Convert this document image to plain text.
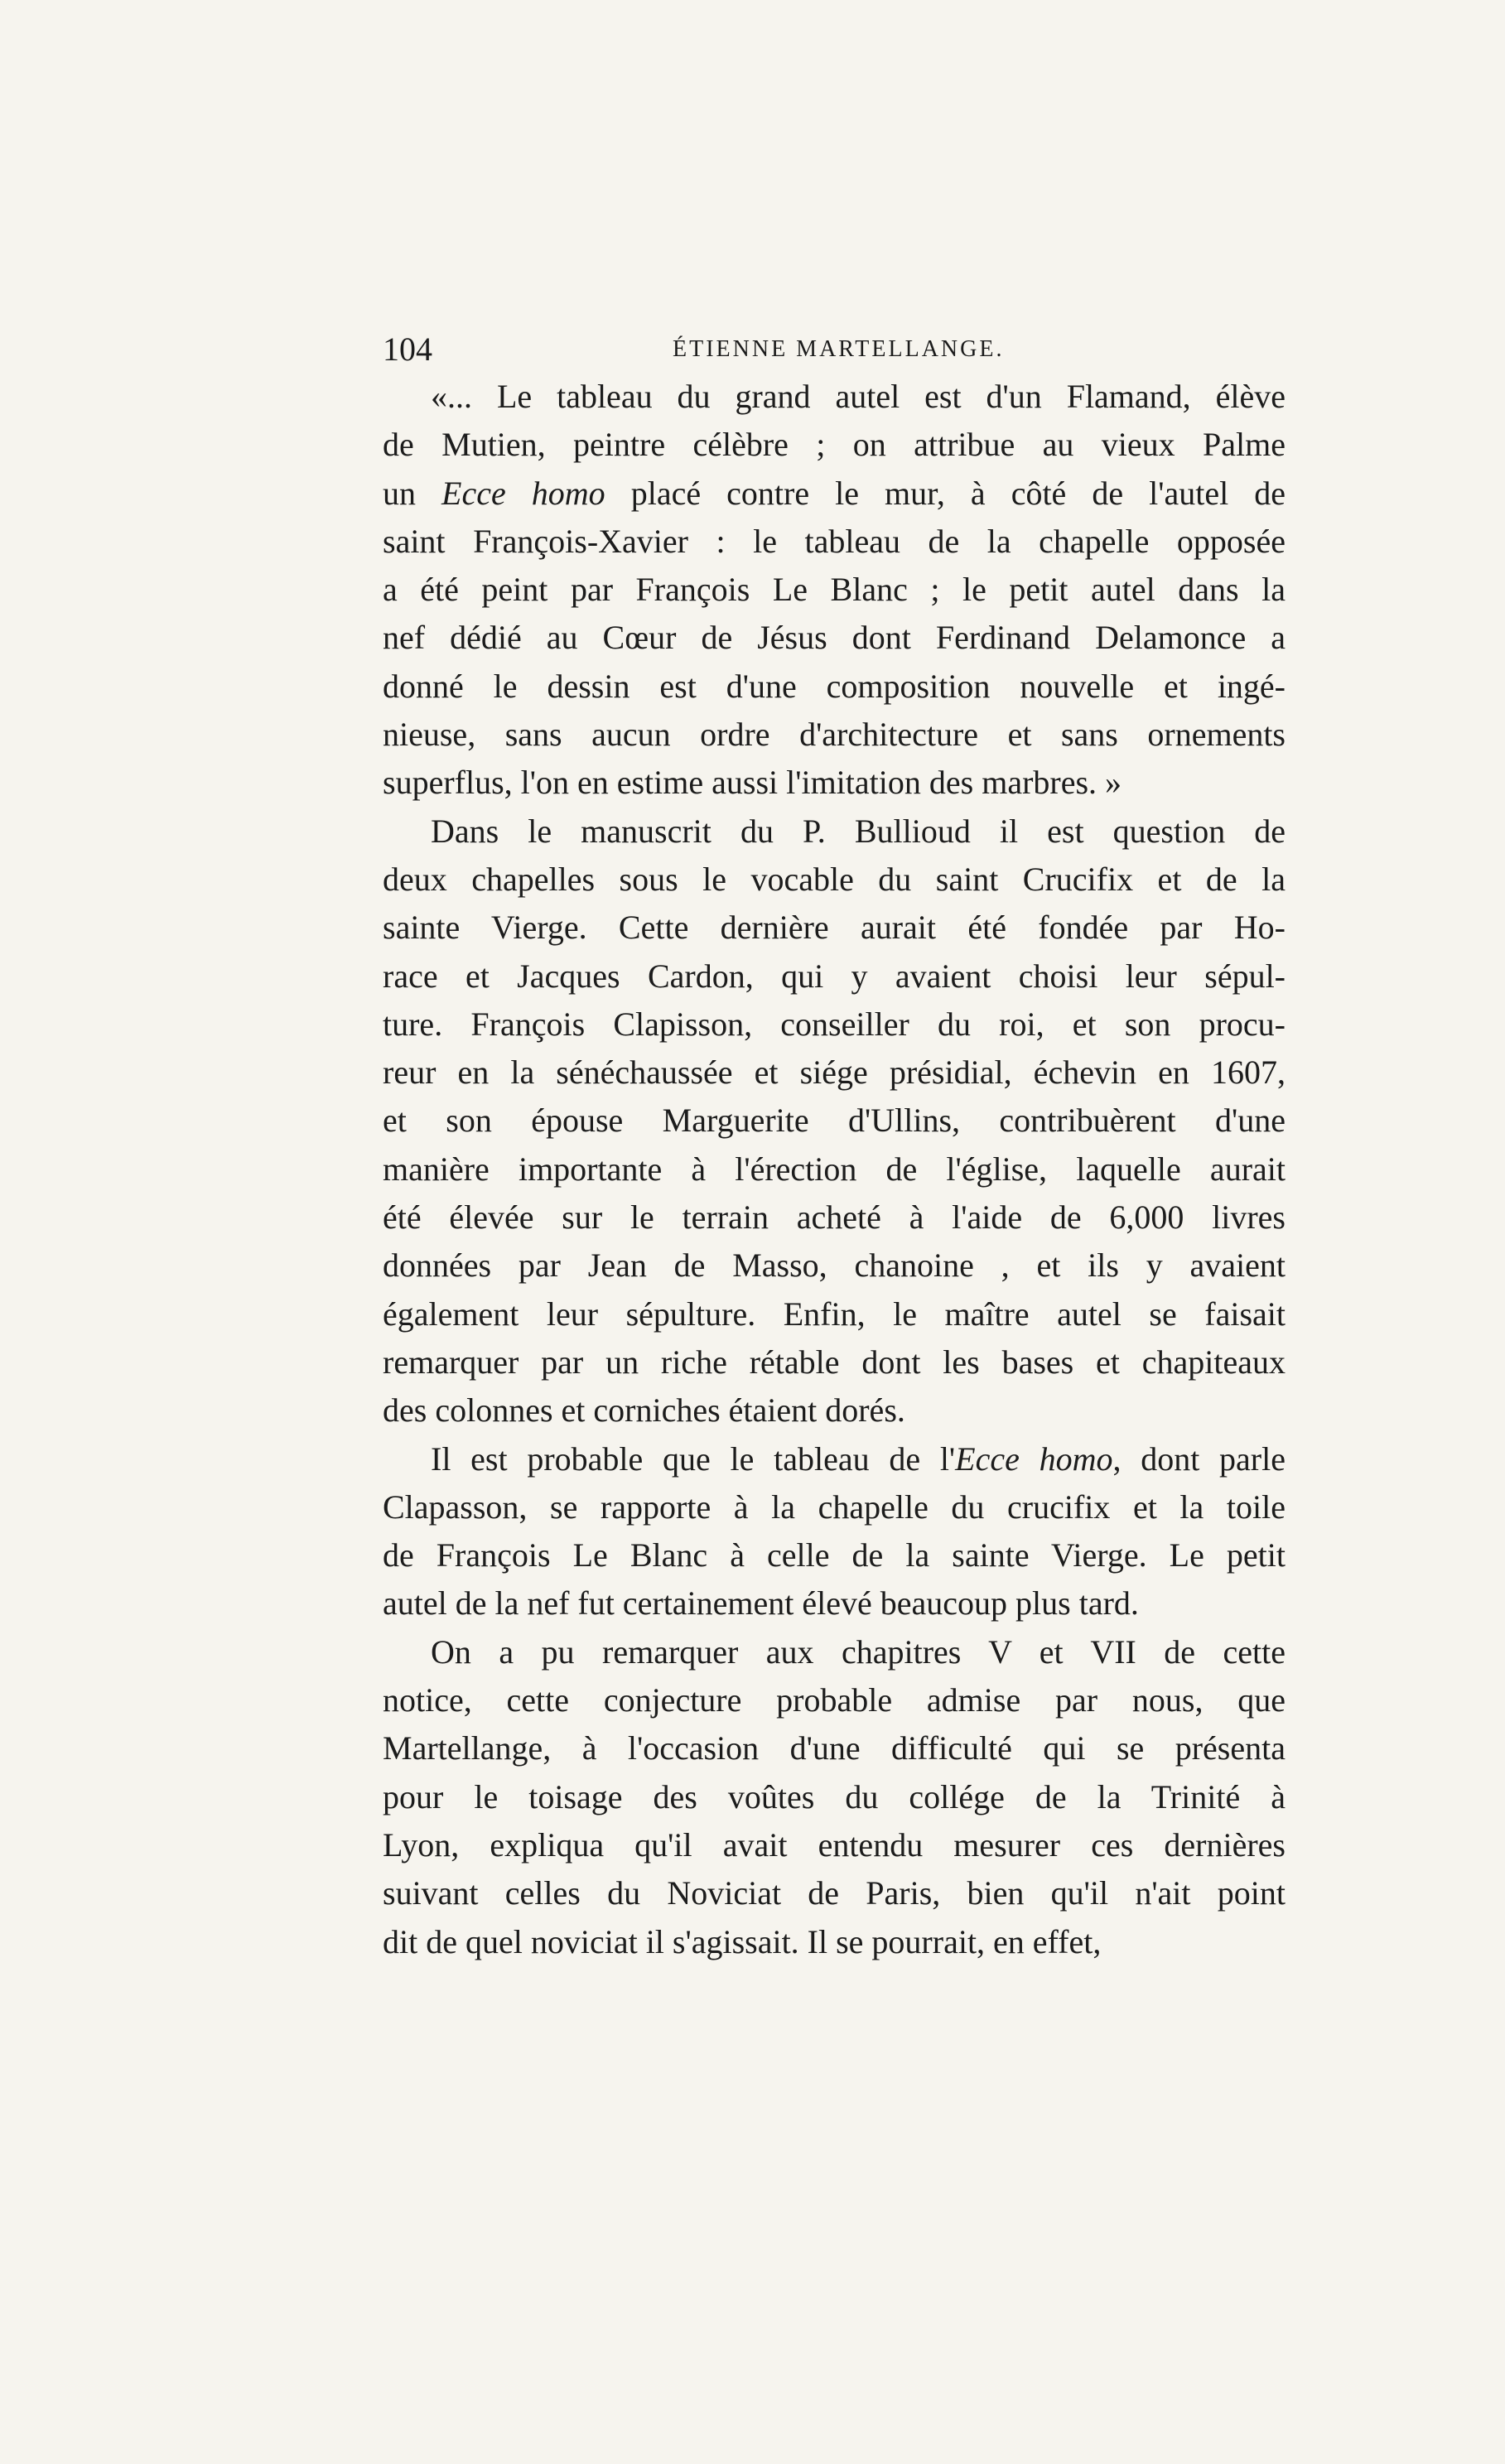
104	ÉTIENNE MARTELLANGE.
«... Le tableau du grand autel est d'un Flamand, élève
de Mutien, peintre célèbre ; on attribue au vieux Palme
un Ecce homo placé contre le mur, à côté de l'autel de
saint François-Xavier : le tableau de la chapelle opposée
a été peint par François Le Blanc ; le petit autel dans la
nef dédié au Cœur de Jésus dont Ferdinand Delamonce a
donné le dessin est d'une composition nouvelle et ingé-
nieuse, sans aucun ordre d'architecture et sans ornements
superflus, l'on en estime aussi l'imitation des marbres. »
Dans le manuscrit du P. Bullioud il est question de
deux chapelles sous le vocable du saint Crucifix et de la
sainte Vierge. Cette dernière aurait été fondée par Ho-
race et Jacques Cardon, qui y avaient choisi leur sépul-
ture. François Clapisson, conseiller du roi, et son procu-
reur en la sénéchaussée et siége présidial, échevin en 1607,
et son épouse Marguerite d'Ullins, contribuèrent d'une
manière importante à l'érection de l'église, laquelle aurait
été élevée sur le terrain acheté à l'aide de 6,000 livres
données par Jean de Masso, chanoine , et ils y avaient
également leur sépulture. Enfin, le maître autel se faisait
remarquer par un riche rétable dont les bases et chapiteaux
des colonnes et corniches étaient dorés.
Il est probable que le tableau de l'Ecce homo, dont parle
Clapasson, se rapporte à la chapelle du crucifix et la toile
de François Le Blanc à celle de la sainte Vierge. Le petit
autel de la nef fut certainement élevé beaucoup plus tard.
On a pu remarquer aux chapitres V et VII de cette
notice, cette conjecture probable admise par nous, que
Martellange, à l'occasion d'une difficulté qui se présenta
pour le toisage des voûtes du collége de la Trinité à
Lyon, expliqua qu'il avait entendu mesurer ces dernières
suivant celles du Noviciat de Paris, bien qu'il n'ait point
dit de quel noviciat il s'agissait. Il se pourrait, en effet,
